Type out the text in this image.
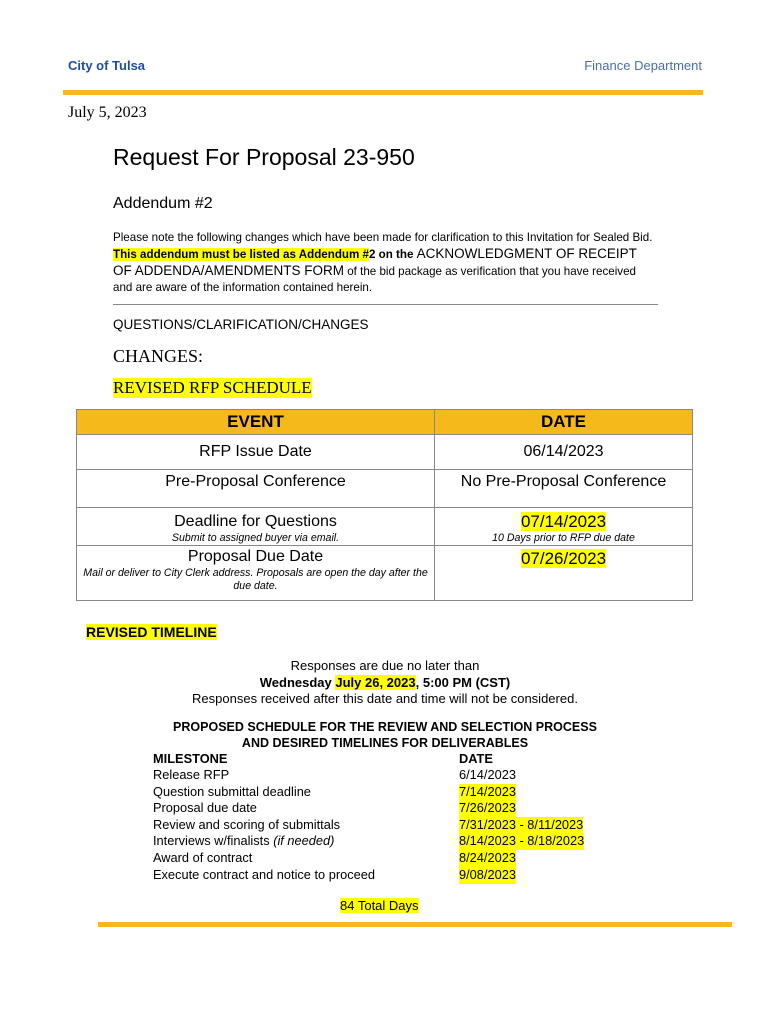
City of Tulsa	Finance Department
July 5, 2023
Request For Proposal 23-950
Addendum #2
Please note the following changes which have been made for clarification to this Invitation for Sealed Bid. This addendum must be listed as Addendum #2 on the ACKNOWLEDGMENT OF RECEIPT OF ADDENDA/AMENDMENTS FORM of the bid package as verification that you have received and are aware of the information contained herein.
QUESTIONS/CLARIFICATION/CHANGES
CHANGES:
REVISED RFP SCHEDULE
EVENT	DATE
RFP Issue Date	06/14/2023

Pre-Proposal Conference	No Pre-Proposal Conference

Deadline for Questions
Submit to assigned buyer via email.	07/14/2023
10 Days prior to RFP due date

Proposal Due Date
Mail or deliver to City Clerk address. Proposals are open the day after the due date.	07/26/2023
REVISED TIMELINE
Responses are due no later than
Wednesday July 26, 2023, 5:00 PM (CST)
Responses received after this date and time will not be considered.
PROPOSED SCHEDULE FOR THE REVIEW AND SELECTION PROCESS
AND DESIRED TIMELINES FOR DELIVERABLES
MILESTONE	DATE
Release RFP	6/14/2023
Question submittal deadline	7/14/2023
Proposal due date	7/26/2023
Review and scoring of submittals	7/31/2023 - 8/11/2023
Interviews w/finalists (if needed)	8/14/2023 - 8/18/2023
Award of contract	8/24/2023
Execute contract and notice to proceed	9/08/2023
84 Total Days
